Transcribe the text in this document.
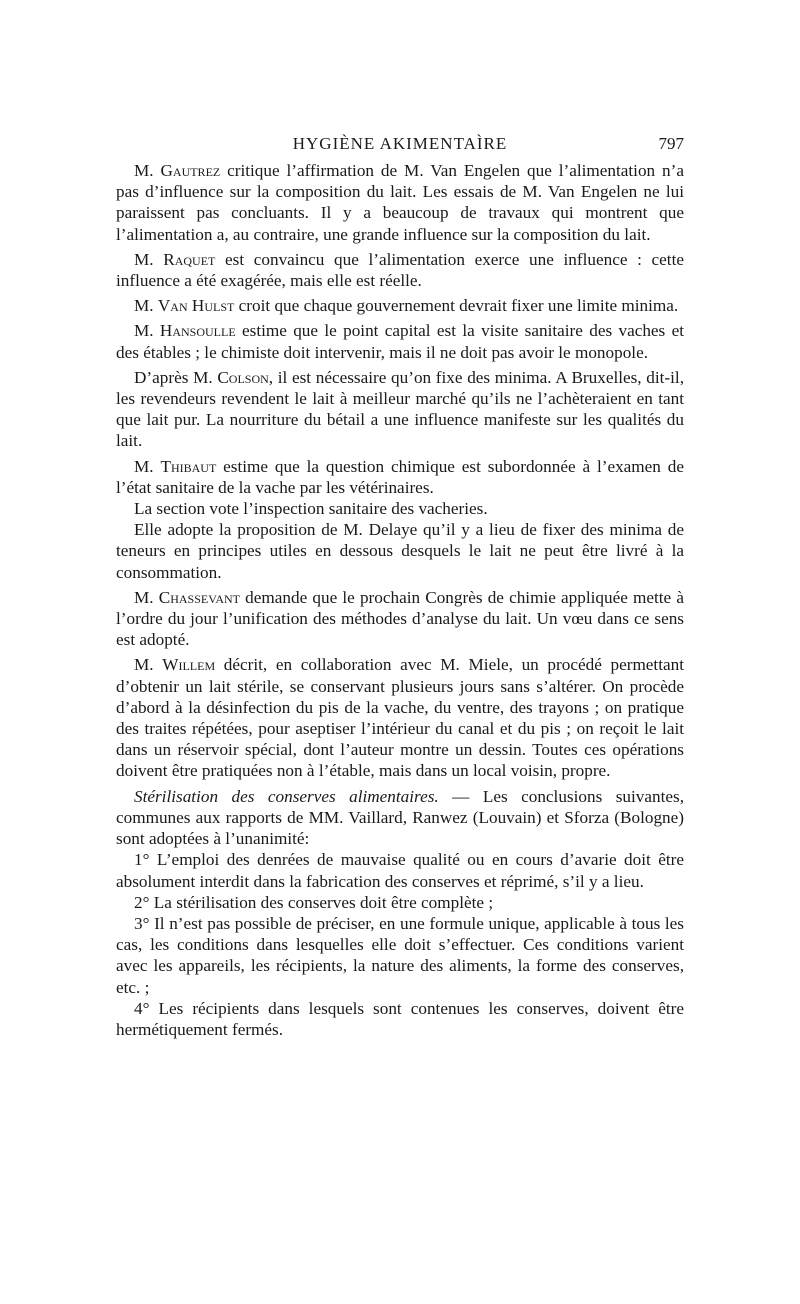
HYGIÈNE AKIMENTAÌRE	797

M. Gautrez critique l’affirmation de M. Van Engelen que l’alimentation n’a pas d’influence sur la composition du lait. Les essais de M. Van Engelen ne lui paraissent pas concluants. Il y a beaucoup de travaux qui montrent que l’alimentation a, au contraire, une grande influence sur la composition du lait.

M. Raquet est convaincu que l’alimentation exerce une influence : cette influence a été exagérée, mais elle est réelle.

M. Van Hulst croit que chaque gouvernement devrait fixer une limite minima.

M. Hansoulle estime que le point capital est la visite sanitaire des vaches et des étables ; le chimiste doit intervenir, mais il ne doit pas avoir le monopole.

D’après M. Colson, il est nécessaire qu’on fixe des minima. A Bruxelles, dit-il, les revendeurs revendent le lait à meilleur marché qu’ils ne l’achèteraient en tant que lait pur. La nourriture du bétail a une influence manifeste sur les qualités du lait.

M. Thibaut estime que la question chimique est subordonnée à l’examen de l’état sanitaire de la vache par les vétérinaires.

La section vote l’inspection sanitaire des vacheries.

Elle adopte la proposition de M. Delaye qu’il y a lieu de fixer des minima de teneurs en principes utiles en dessous desquels le lait ne peut être livré à la consommation.

M. Chassevant demande que le prochain Congrès de chimie appliquée mette à l’ordre du jour l’unification des méthodes d’analyse du lait. Un vœu dans ce sens est adopté.

M. Willem décrit, en collaboration avec M. Miele, un procédé permettant d’obtenir un lait stérile, se conservant plusieurs jours sans s’altérer. On procède d’abord à la désinfection du pis de la vache, du ventre, des trayons ; on pratique des traites répétées, pour aseptiser l’intérieur du canal et du pis ; on reçoit le lait dans un réservoir spécial, dont l’auteur montre un dessin. Toutes ces opérations doivent être pratiquées non à l’étable, mais dans un local voisin, propre.

Stérilisation des conserves alimentaires. — Les conclusions suivantes, communes aux rapports de MM. Vaillard, Ranwez (Louvain) et Sforza (Bologne) sont adoptées à l’unanimité:

1° L’emploi des denrées de mauvaise qualité ou en cours d’avarie doit être absolument interdit dans la fabrication des conserves et réprimé, s’il y a lieu.

2° La stérilisation des conserves doit être complète ;

3° Il n’est pas possible de préciser, en une formule unique, applicable à tous les cas, les conditions dans lesquelles elle doit s’effectuer. Ces conditions varient avec les appareils, les récipients, la nature des aliments, la forme des conserves, etc. ;

4° Les récipients dans lesquels sont contenues les conserves, doivent être hermétiquement fermés.
